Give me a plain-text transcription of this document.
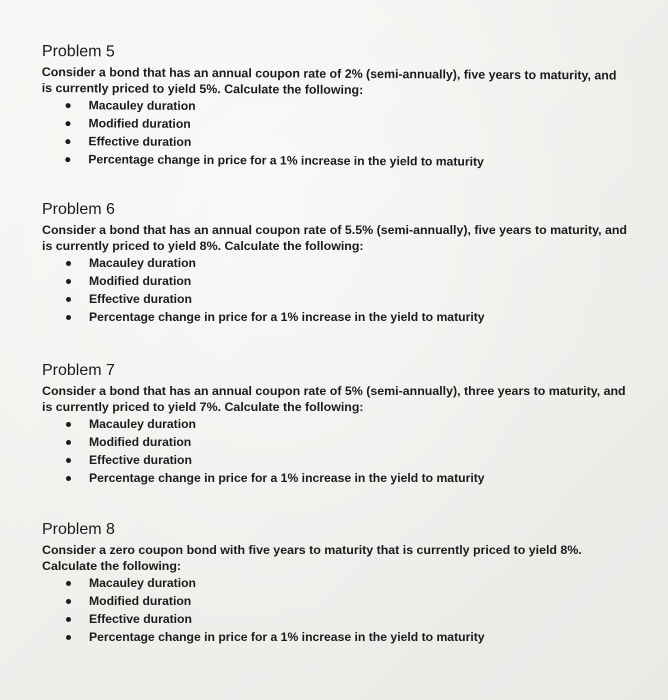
Problem 5

Consider a bond that has an annual coupon rate of 2% (semi-annually), five years to maturity, and is currently priced to yield 5%. Calculate the following:

Macauley duration
Modified duration
Effective duration
Percentage change in price for a 1% increase in the yield to maturity
Problem 6

Consider a bond that has an annual coupon rate of 5.5% (semi-annually), five years to maturity, and is currently priced to yield 8%. Calculate the following:

Macauley duration
Modified duration
Effective duration
Percentage change in price for a 1% increase in the yield to maturity
Problem 7

Consider a bond that has an annual coupon rate of 5% (semi-annually), three years to maturity, and is currently priced to yield 7%. Calculate the following:

Macauley duration
Modified duration
Effective duration
Percentage change in price for a 1% increase in the yield to maturity
Problem 8

Consider a zero coupon bond with five years to maturity that is currently priced to yield 8%. Calculate the following:

Macauley duration
Modified duration
Effective duration
Percentage change in price for a 1% increase in the yield to maturity
